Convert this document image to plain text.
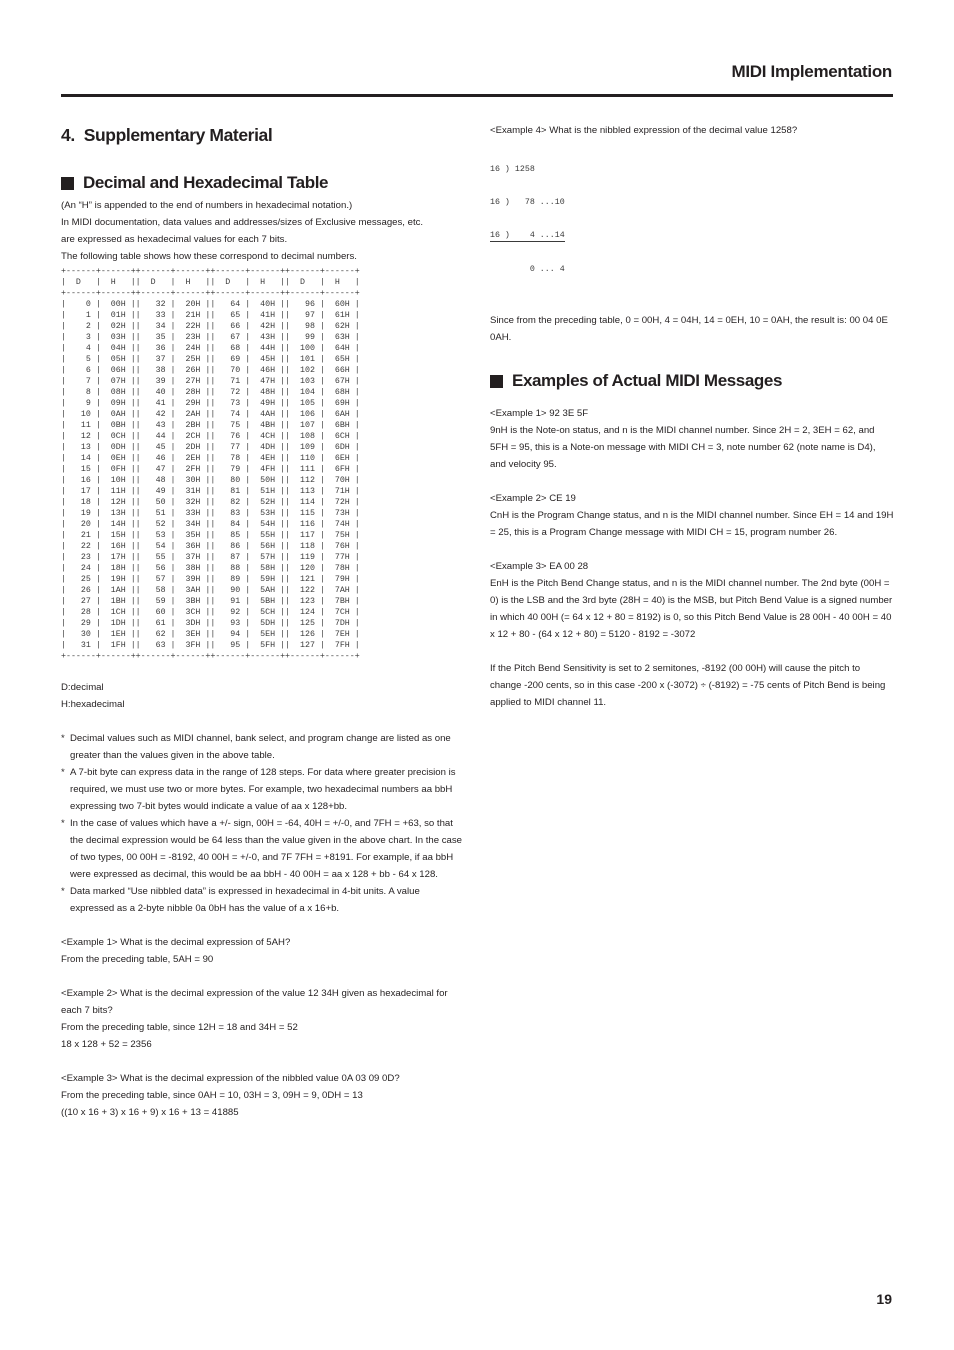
MIDI Implementation
4.  Supplementary Material
Decimal and Hexadecimal Table

(An “H” is appended to the end of numbers in hexadecimal notation.)

In MIDI documentation, data values and addresses/sizes of Exclusive messages, etc.

are expressed as hexadecimal values for each 7 bits.

The following table shows how these correspond to decimal numbers.

+------+------++------+------++------+------++------+------+
|  D   |  H   ||  D   |  H   ||  D   |  H   ||  D   |  H   |
+------+------++------+------++------+------++------+------+
|    0 |  00H ||   32 |  20H ||   64 |  40H ||   96 |  60H |
|    1 |  01H ||   33 |  21H ||   65 |  41H ||   97 |  61H |
|    2 |  02H ||   34 |  22H ||   66 |  42H ||   98 |  62H |
|    3 |  03H ||   35 |  23H ||   67 |  43H ||   99 |  63H |
|    4 |  04H ||   36 |  24H ||   68 |  44H ||  100 |  64H |
|    5 |  05H ||   37 |  25H ||   69 |  45H ||  101 |  65H |
|    6 |  06H ||   38 |  26H ||   70 |  46H ||  102 |  66H |
|    7 |  07H ||   39 |  27H ||   71 |  47H ||  103 |  67H |
|    8 |  08H ||   40 |  28H ||   72 |  48H ||  104 |  68H |
|    9 |  09H ||   41 |  29H ||   73 |  49H ||  105 |  69H |
|   10 |  0AH ||   42 |  2AH ||   74 |  4AH ||  106 |  6AH |
|   11 |  0BH ||   43 |  2BH ||   75 |  4BH ||  107 |  6BH |
|   12 |  0CH ||   44 |  2CH ||   76 |  4CH ||  108 |  6CH |
|   13 |  0DH ||   45 |  2DH ||   77 |  4DH ||  109 |  6DH |
|   14 |  0EH ||   46 |  2EH ||   78 |  4EH ||  110 |  6EH |
|   15 |  0FH ||   47 |  2FH ||   79 |  4FH ||  111 |  6FH |
|   16 |  10H ||   48 |  30H ||   80 |  50H ||  112 |  70H |
|   17 |  11H ||   49 |  31H ||   81 |  51H ||  113 |  71H |
|   18 |  12H ||   50 |  32H ||   82 |  52H ||  114 |  72H |
|   19 |  13H ||   51 |  33H ||   83 |  53H ||  115 |  73H |
|   20 |  14H ||   52 |  34H ||   84 |  54H ||  116 |  74H |
|   21 |  15H ||   53 |  35H ||   85 |  55H ||  117 |  75H |
|   22 |  16H ||   54 |  36H ||   86 |  56H ||  118 |  76H |
|   23 |  17H ||   55 |  37H ||   87 |  57H ||  119 |  77H |
|   24 |  18H ||   56 |  38H ||   88 |  58H ||  120 |  78H |
|   25 |  19H ||   57 |  39H ||   89 |  59H ||  121 |  79H |
|   26 |  1AH ||   58 |  3AH ||   90 |  5AH ||  122 |  7AH |
|   27 |  1BH ||   59 |  3BH ||   91 |  5BH ||  123 |  7BH |
|   28 |  1CH ||   60 |  3CH ||   92 |  5CH ||  124 |  7CH |
|   29 |  1DH ||   61 |  3DH ||   93 |  5DH ||  125 |  7DH |
|   30 |  1EH ||   62 |  3EH ||   94 |  5EH ||  126 |  7EH |
|   31 |  1FH ||   63 |  3FH ||   95 |  5FH ||  127 |  7FH |
+------+------++------+------++------+------++------+------+

D:decimal

H:hexadecimal

* Decimal values such as MIDI channel, bank select, and program change are listed as one greater than the values given in the above table.
* A 7-bit byte can express data in the range of 128 steps. For data where greater precision is required, we must use two or more bytes. For example, two hexadecimal numbers aa bbH expressing two 7-bit bytes would indicate a value of aa x 128+bb.
* In the case of values which have a +/- sign, 00H = -64, 40H = +/-0, and 7FH = +63, so that the decimal expression would be 64 less than the value given in the above chart. In the case of two types, 00 00H = -8192, 40 00H = +/-0, and 7F 7FH = +8191. For example, if aa bbH were expressed as decimal, this would be aa bbH - 40 00H = aa x 128 + bb - 64 x 128.
* Data marked “Use nibbled data” is expressed in hexadecimal in 4-bit units. A value expressed as a 2-byte nibble 0a 0bH has the value of a x 16+b.

<Example 1> What is the decimal expression of 5AH?

From the preceding table, 5AH = 90

<Example 2> What is the decimal expression of the value 12 34H given as hexadecimal for each 7 bits?

From the preceding table, since 12H = 18 and 34H = 52

18 x 128 + 52 = 2356

<Example 3> What is the decimal expression of the nibbled value 0A 03 09 0D?

From the preceding table, since 0AH = 10, 03H = 3, 09H = 9, 0DH = 13

((10 x 16 + 3) x 16 + 9) x 16 + 13 = 41885

<Example 4> What is the nibbled expression of the decimal value 1258?

16 ) 1258

16 )   78 ...10

16 )    4 ...14

0 ... 4

Since from the preceding table, 0 = 00H, 4 = 04H, 14 = 0EH, 10 = 0AH, the result is: 00 04 0E 0AH.

Examples of Actual MIDI Messages

<Example 1> 92 3E 5F

9nH is the Note-on status, and n is the MIDI channel number. Since 2H = 2, 3EH = 62, and 5FH = 95, this is a Note-on message with MIDI CH = 3, note number 62 (note name is D4), and velocity 95.

<Example 2> CE 19

CnH is the Program Change status, and n is the MIDI channel number. Since EH = 14 and 19H = 25, this is a Program Change message with MIDI CH = 15, program number 26.

<Example 3> EA 00 28

EnH is the Pitch Bend Change status, and n is the MIDI channel number. The 2nd byte (00H = 0) is the LSB and the 3rd byte (28H = 40) is the MSB, but Pitch Bend Value is a signed number in which 40 00H (= 64 x 12 + 80 = 8192) is 0, so this Pitch Bend Value is 28 00H - 40 00H = 40 x 12 + 80 - (64 x 12 + 80) = 5120 - 8192 = -3072

If the Pitch Bend Sensitivity is set to 2 semitones, -8192 (00 00H) will cause the pitch to change -200 cents, so in this case -200 x (-3072) ÷ (-8192) = -75 cents of Pitch Bend is being applied to MIDI channel 11.

19
